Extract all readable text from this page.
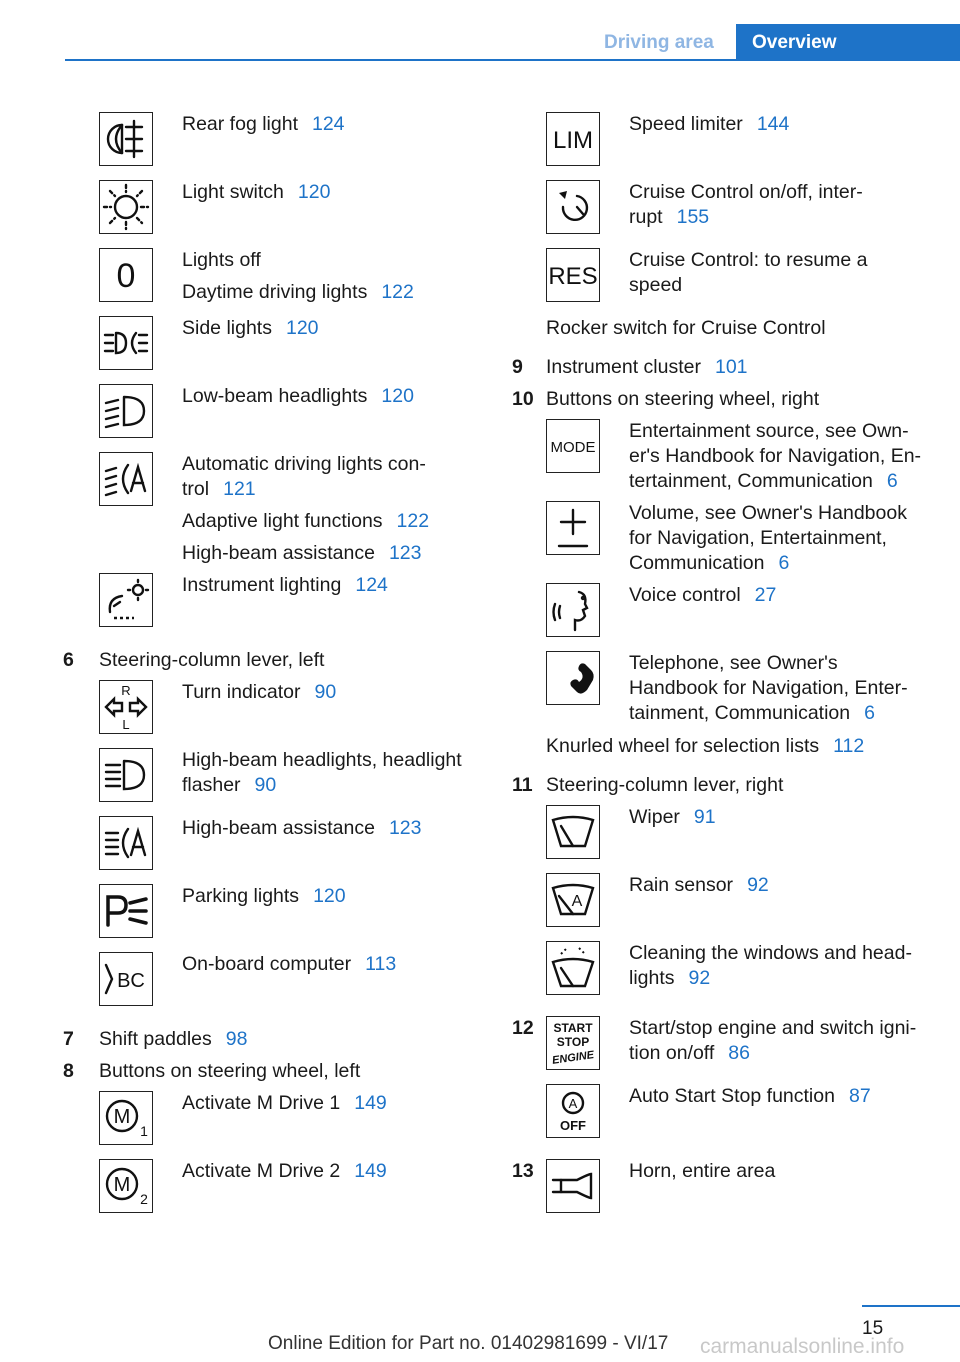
Driving area Overview
Rear fog light 124
Light switch 120
0 Lights off
Daytime driving lights 122
Side lights 120
Low-beam headlights 120
Automatic driving lights con-
trol 121
Adaptive light functions 122
High-beam assistance 123
Instrument lighting 124
6 Steering-column lever, left
R
L
Turn indicator 90
High-beam headlights, headlight
flasher 90
High-beam assistance 123
Parking lights 120
BC
On-board computer 113
7 Shift paddles 98
8 Buttons on steering wheel, left
M
1
Activate M Drive 1 149
M
2
Activate M Drive 2 149
LIM
Speed limiter 144
Cruise Control on/off, inter-
rupt 155
RES
Cruise Control: to resume a
speed
Rocker switch for Cruise Control
9 Instrument cluster 101
10 Buttons on steering wheel, right
MODE
Entertainment source, see Own-
er's Handbook for Navigation, En-
tertainment, Communication 6
Volume, see Owner's Handbook
for Navigation, Entertainment,
Communication 6
Voice control 27
Telephone, see Owner's
Handbook for Navigation, Enter-
tainment, Communication 6
Knurled wheel for selection lists 112
11 Steering-column lever, right
Wiper 91
A
Rain sensor 92
Cleaning the windows and head-
lights 92
12 START
STOP
ENGINE
Start/stop engine and switch igni-
tion on/off 86
A
OFF
Auto Start Stop function 87
13	Horn, entire area
15
Online Edition for Part no. 01402981699 - VI/17 carmanualsonline.info
